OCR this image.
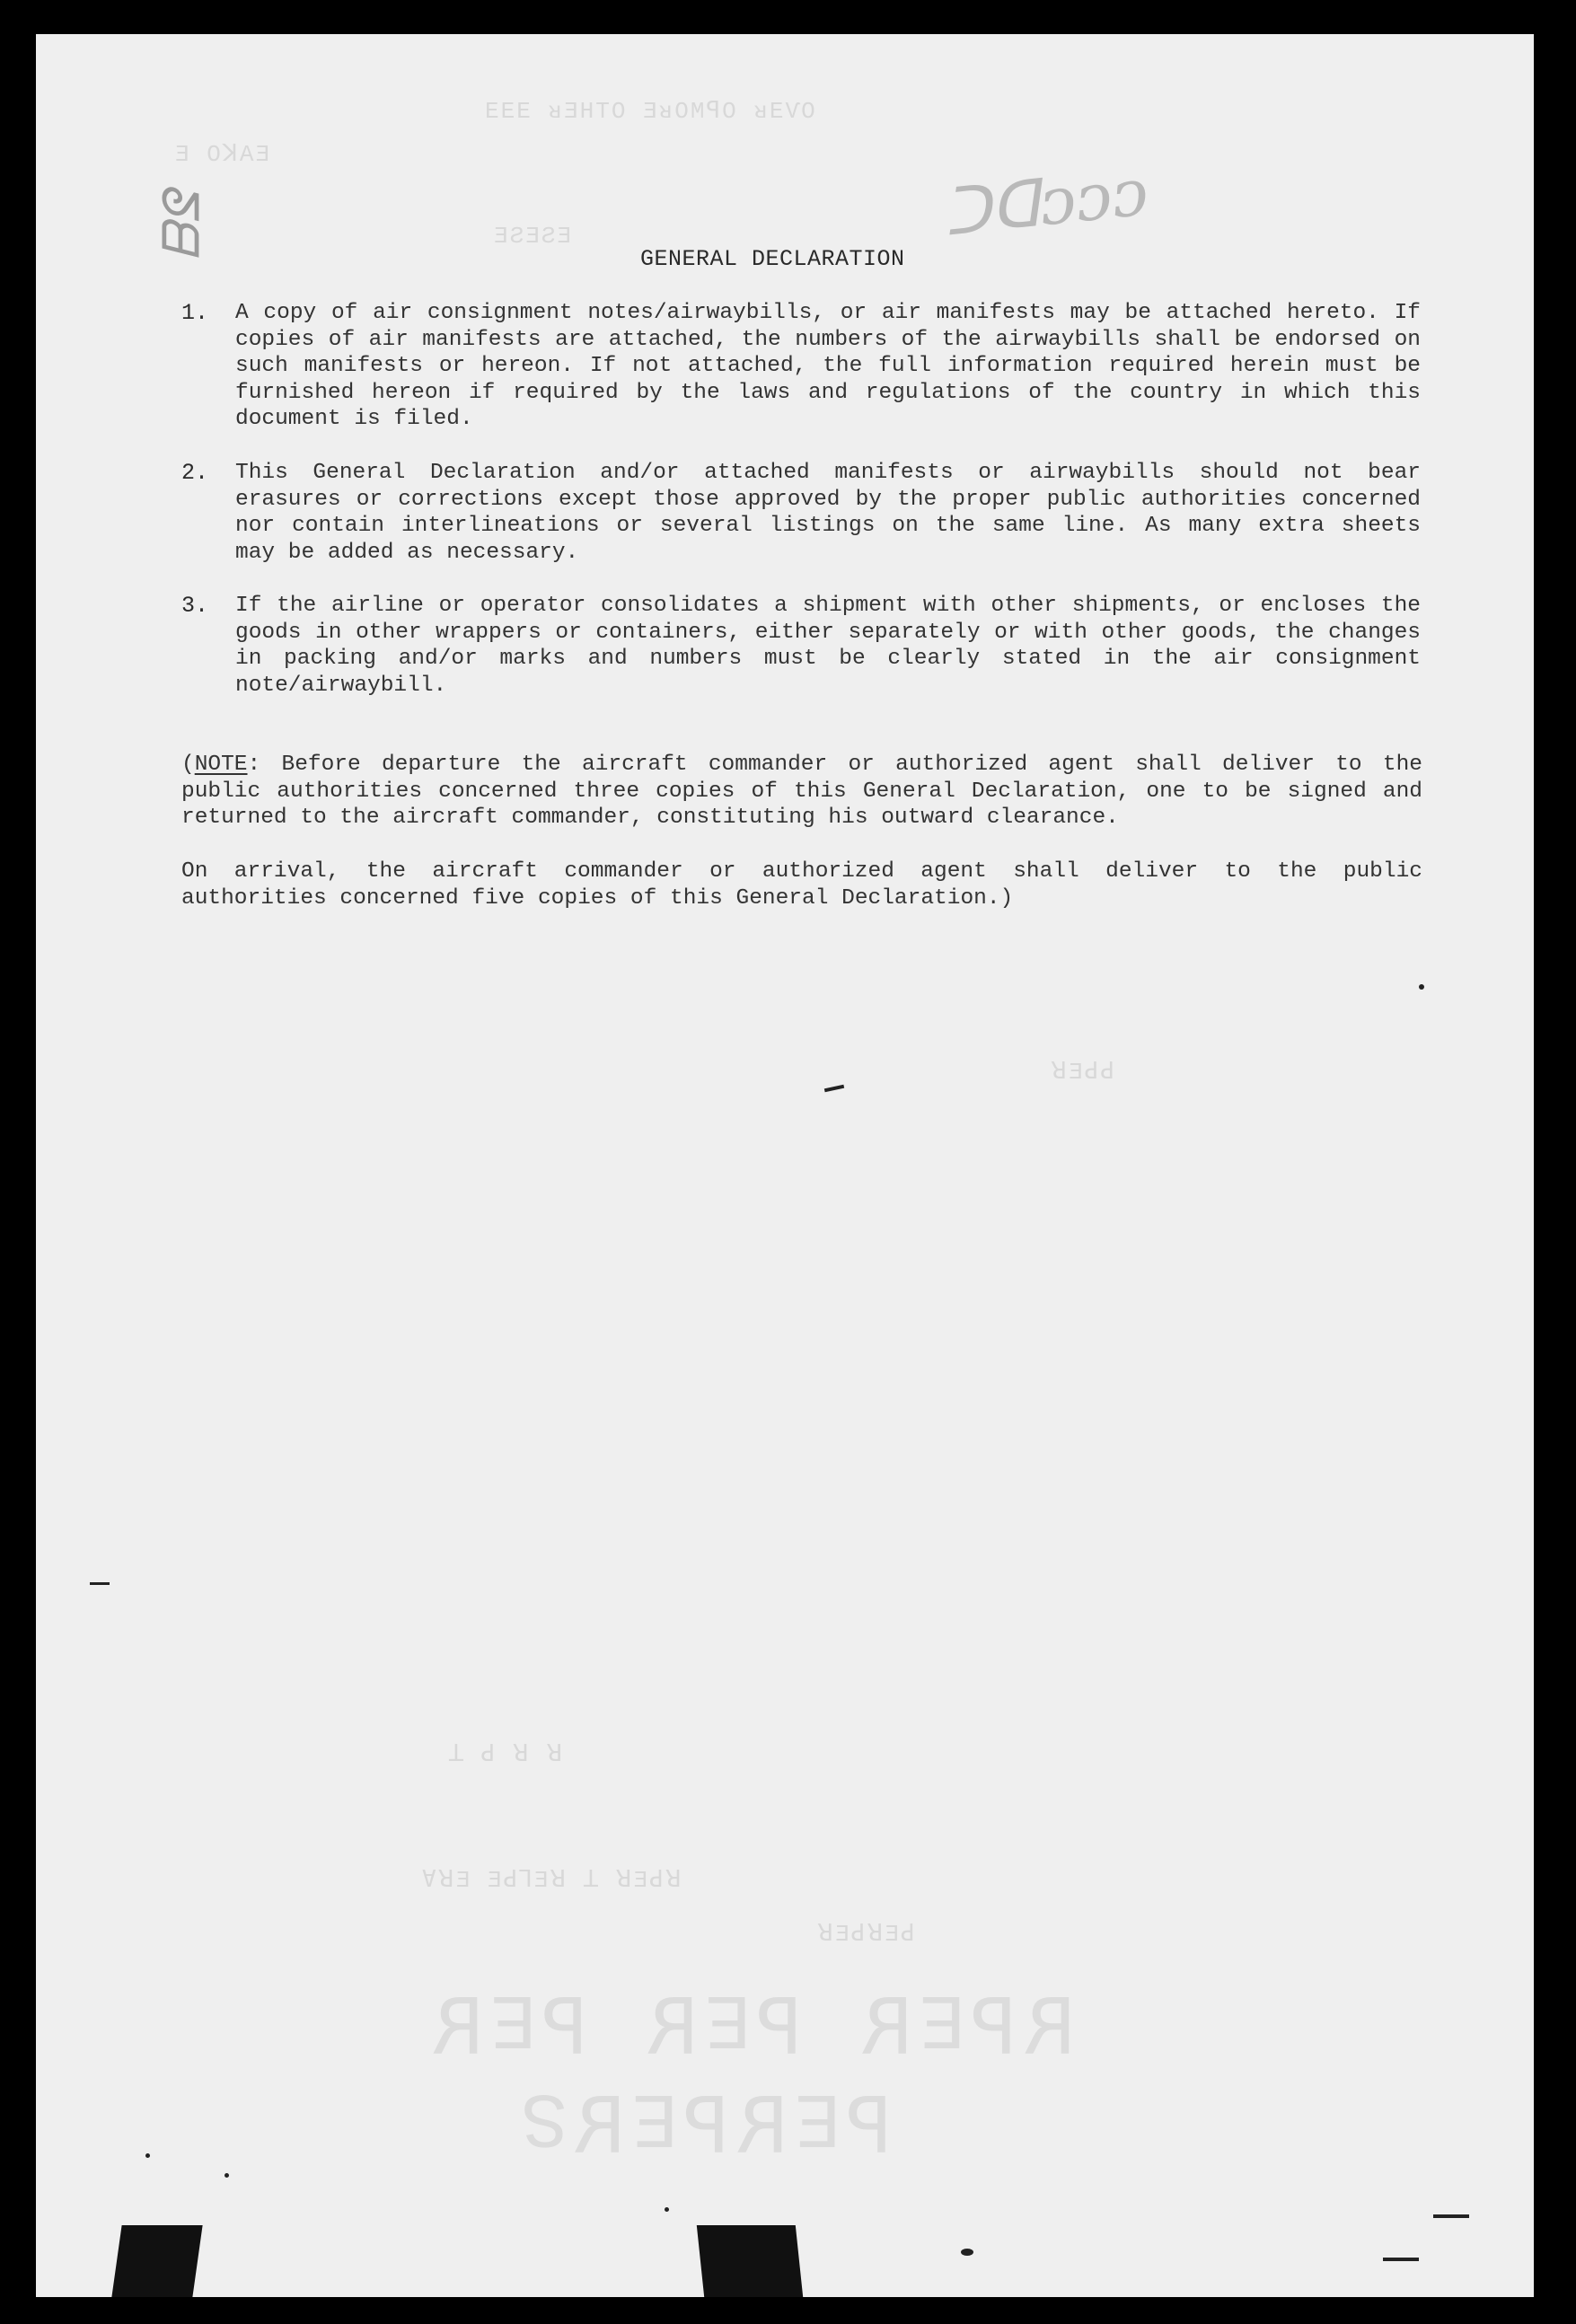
EEE ᴚƎHTO ƎᴚOMꟼO ᴚEѴO
Ǝ OꓘAƎ
ƎƧƎƧƎ
ꓤƎꓒꓒ
ꓕ ꓒ ꓤ ꓤ
ⱯꓤƎ ƎꓒꓶƎꓤ ꓕ ꓤƎꓒꓤ
ꓤƎꓒꓤƎꓒ
ꓤƎꓒ ꓤƎꓒ ꓤƎꓒꓤ
ƧꓤƎꓒꓤƎꓒ
ᑐᗡᴐᴐᴐ
ᘕᗺ
GENERAL DECLARATION
1. A copy of air consignment notes/airwaybills, or air manifests may be attached hereto. If copies of air manifests are attached, the numbers of the airwaybills shall be endorsed on such manifests or hereon. If not attached, the full information required herein must be furnished hereon if required by the laws and regulations of the country in which this document is filed.

2. This General Declaration and/or attached manifests or airwaybills should not bear erasures or corrections except those approved by the proper public authorities concerned nor contain interlineations or several listings on the same line. As many extra sheets may be added as necessary.

3. If the airline or operator consolidates a shipment with other shipments, or encloses the goods in other wrappers or containers, either separately or with other goods, the changes in packing and/or marks and numbers must be clearly stated in the air consignment note/airwaybill.

(NOTE: Before departure the aircraft commander or authorized agent shall deliver to the public authorities concerned three copies of this General Declaration, one to be signed and returned to the aircraft commander, constituting his outward clearance.

On arrival, the aircraft commander or authorized agent shall deliver to the public authorities concerned five copies of this General Declaration.)
